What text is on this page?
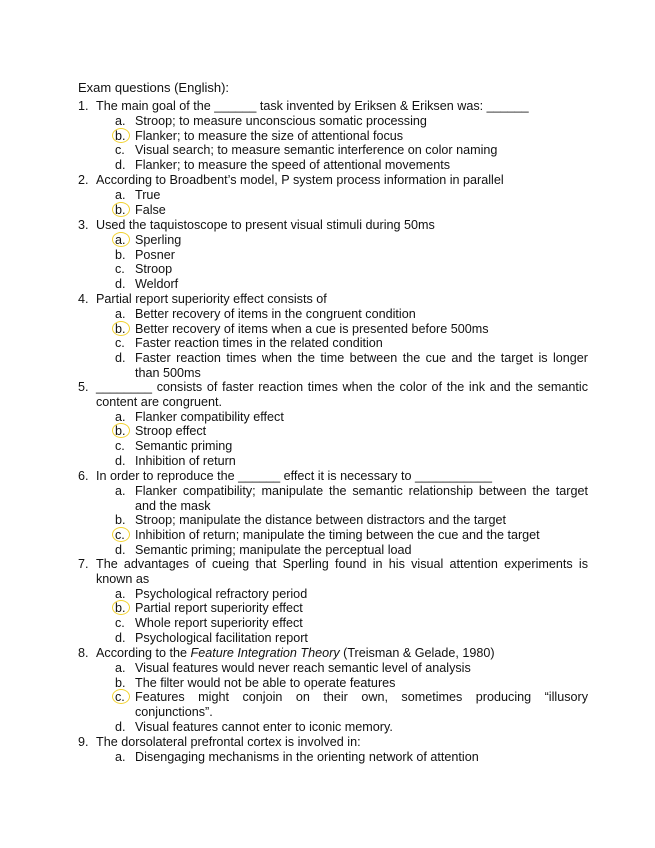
Exam questions (English):
1. The main goal of the ______ task invented by Eriksen & Eriksen was: ______
a. Stroop; to measure unconscious somatic processing
b. Flanker; to measure the size of attentional focus
c. Visual search; to measure semantic interference on color naming
d. Flanker; to measure the speed of attentional movements
2. According to Broadbent’s model, P system process information in parallel
a. True
b. False
3. Used the taquistoscope to present visual stimuli during 50ms
a. Sperling
b. Posner
c. Stroop
d. Weldorf
4. Partial report superiority effect consists of
a. Better recovery of items in the congruent condition
b. Better recovery of items when a cue is presented before 500ms
c. Faster reaction times in the related condition
d. Faster reaction times when the time between the cue and the target is longer than 500ms
5. ________ consists of faster reaction times when the color of the ink and the semantic content are congruent.
a. Flanker compatibility effect
b. Stroop effect
c. Semantic priming
d. Inhibition of return
6. In order to reproduce the ______ effect it is necessary to ___________
a. Flanker compatibility; manipulate the semantic relationship between the target and the mask
b. Stroop; manipulate the distance between distractors and the target
c. Inhibition of return; manipulate the timing between the cue and the target
d. Semantic priming; manipulate the perceptual load
7. The advantages of cueing that Sperling found in his visual attention experiments is known as
a. Psychological refractory period
b. Partial report superiority effect
c. Whole report superiority effect
d. Psychological facilitation report
8. According to the Feature Integration Theory (Treisman & Gelade, 1980)
a. Visual features would never reach semantic level of analysis
b. The filter would not be able to operate features
c. Features might conjoin on their own, sometimes producing “illusory conjunctions”.
d. Visual features cannot enter to iconic memory.
9. The dorsolateral prefrontal cortex is involved in:
a. Disengaging mechanisms in the orienting network of attention
